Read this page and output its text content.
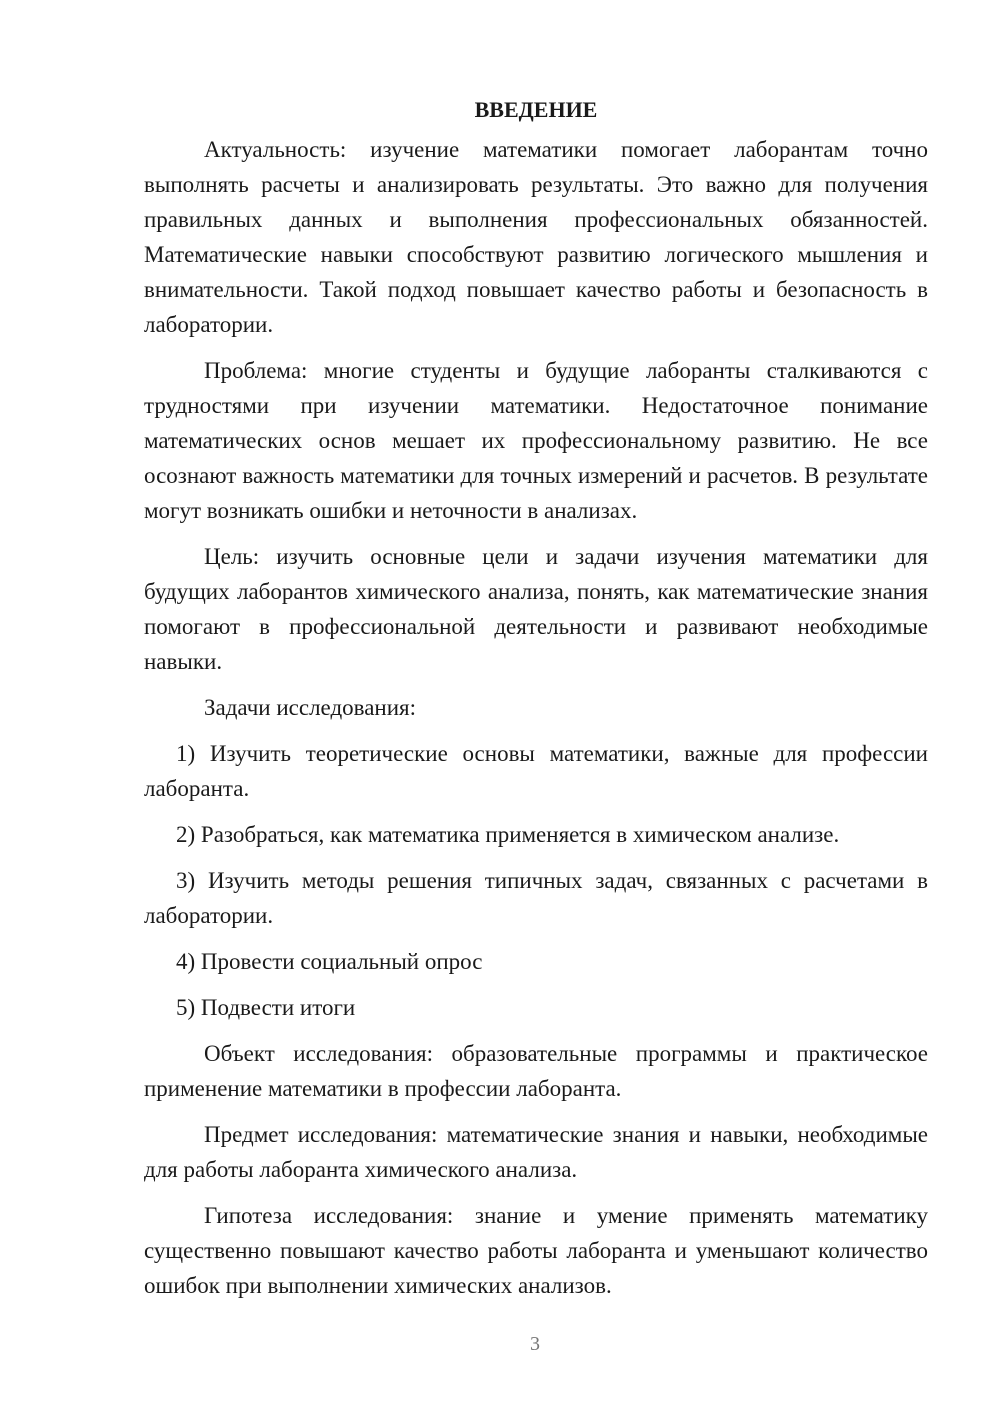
ВВЕДЕНИЕ

Актуальность: изучение математики помогает лаборантам точно выполнять расчеты и анализировать результаты. Это важно для получения правильных данных и выполнения профессиональных обязанностей. Математические навыки способствуют развитию логического мышления и внимательности. Такой подход повышает качество работы и безопасность в лаборатории.

Проблема: многие студенты и будущие лаборанты сталкиваются с трудностями при изучении математики. Недостаточное понимание математических основ мешает их профессиональному развитию. Не все осознают важность математики для точных измерений и расчетов. В результате могут возникать ошибки и неточности в анализах.

Цель: изучить основные цели и задачи изучения математики для будущих лаборантов химического анализа, понять, как математические знания помогают в профессиональной деятельности и развивают необходимые навыки.

Задачи исследования:

1) Изучить теоретические основы математики, важные для профессии лаборанта.

2) Разобраться, как математика применяется в химическом анализе.

3) Изучить методы решения типичных задач, связанных с расчетами в лаборатории.

4) Провести социальный опрос

5) Подвести итоги

Объект исследования: образовательные программы и практическое применение математики в профессии лаборанта.

Предмет исследования: математические знания и навыки, необходимые для работы лаборанта химического анализа.

Гипотеза исследования: знание и умение применять математику существенно повышают качество работы лаборанта и уменьшают количество ошибок при выполнении химических анализов.

3
